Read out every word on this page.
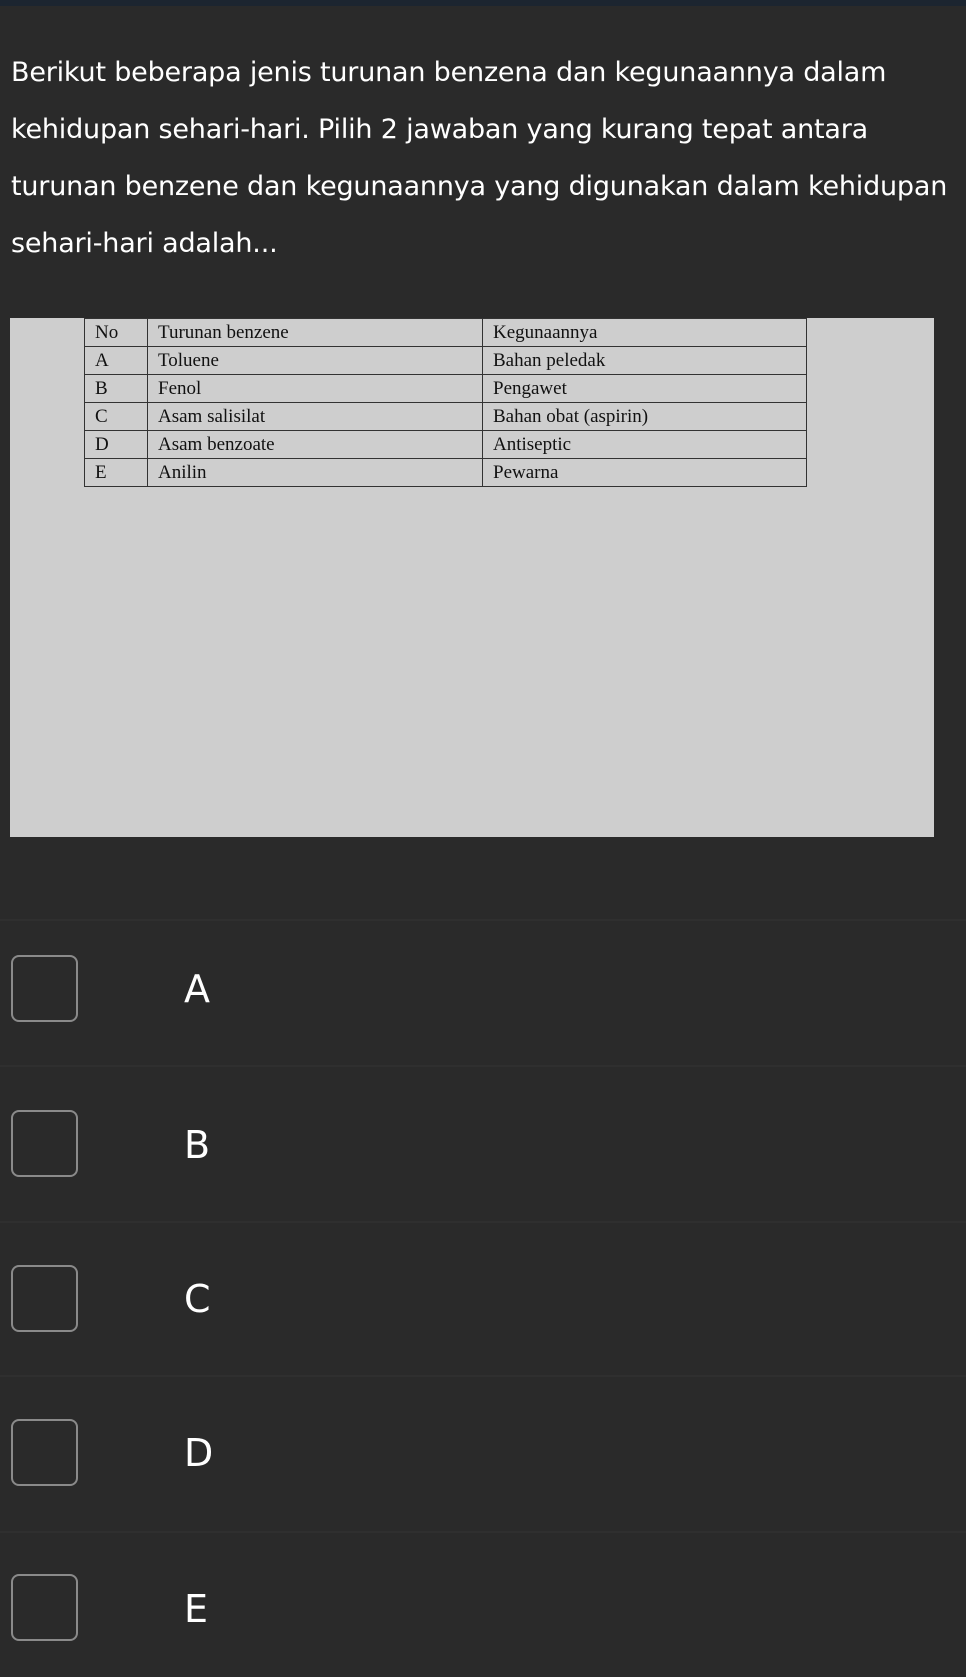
Berikut beberapa jenis turunan benzena dan kegunaannya dalam kehidupan sehari-hari. Pilih 2 jawaban yang kurang tepat antara turunan benzene dan kegunaannya yang digunakan dalam kehidupan sehari-hari adalah...
No	Turunan benzene	Kegunaannya
A	Toluene	Bahan peledak
B	Fenol	Pengawet
C	Asam salisilat	Bahan obat (aspirin)
D	Asam benzoate	Antiseptic
E	Anilin	Pewarna
A
B
C
D
E
